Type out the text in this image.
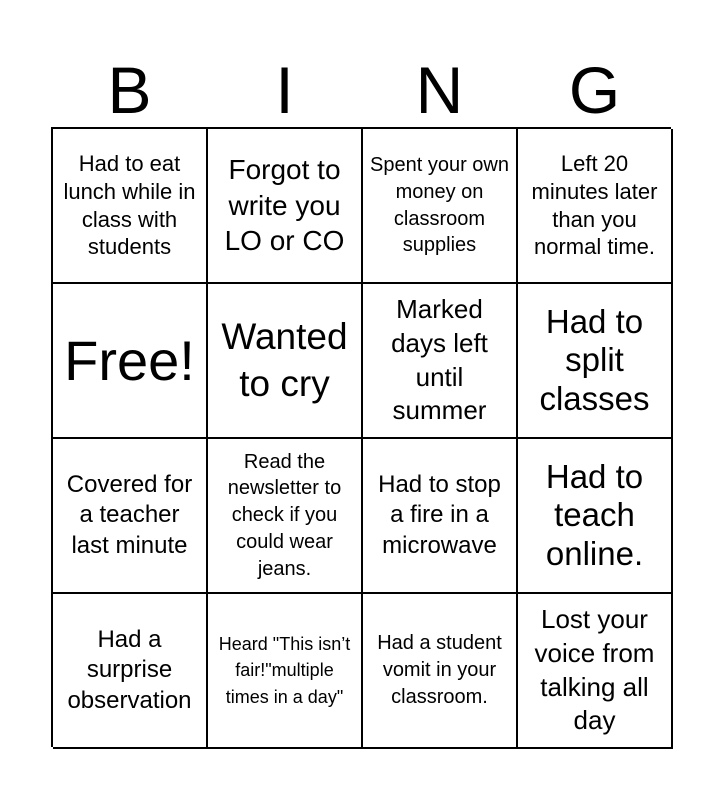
B	I	N	G
Had to eat lunch while in class with students
Forgot to write you LO or CO
Spent your own money on classroom supplies
Left 20 minutes later than you normal time.
Free! Wanted to cry
Marked days left until summer
Had to split classes
Covered for a teacher last minute
Read the newsletter to check if you could wear jeans.
Had to stop a fire in a microwave
Had to teach online.
Had a surprise observation
Heard "This isn’t fair!"multiple times in a day"
Had a student vomit in your classroom.
Lost your voice from talking all day
